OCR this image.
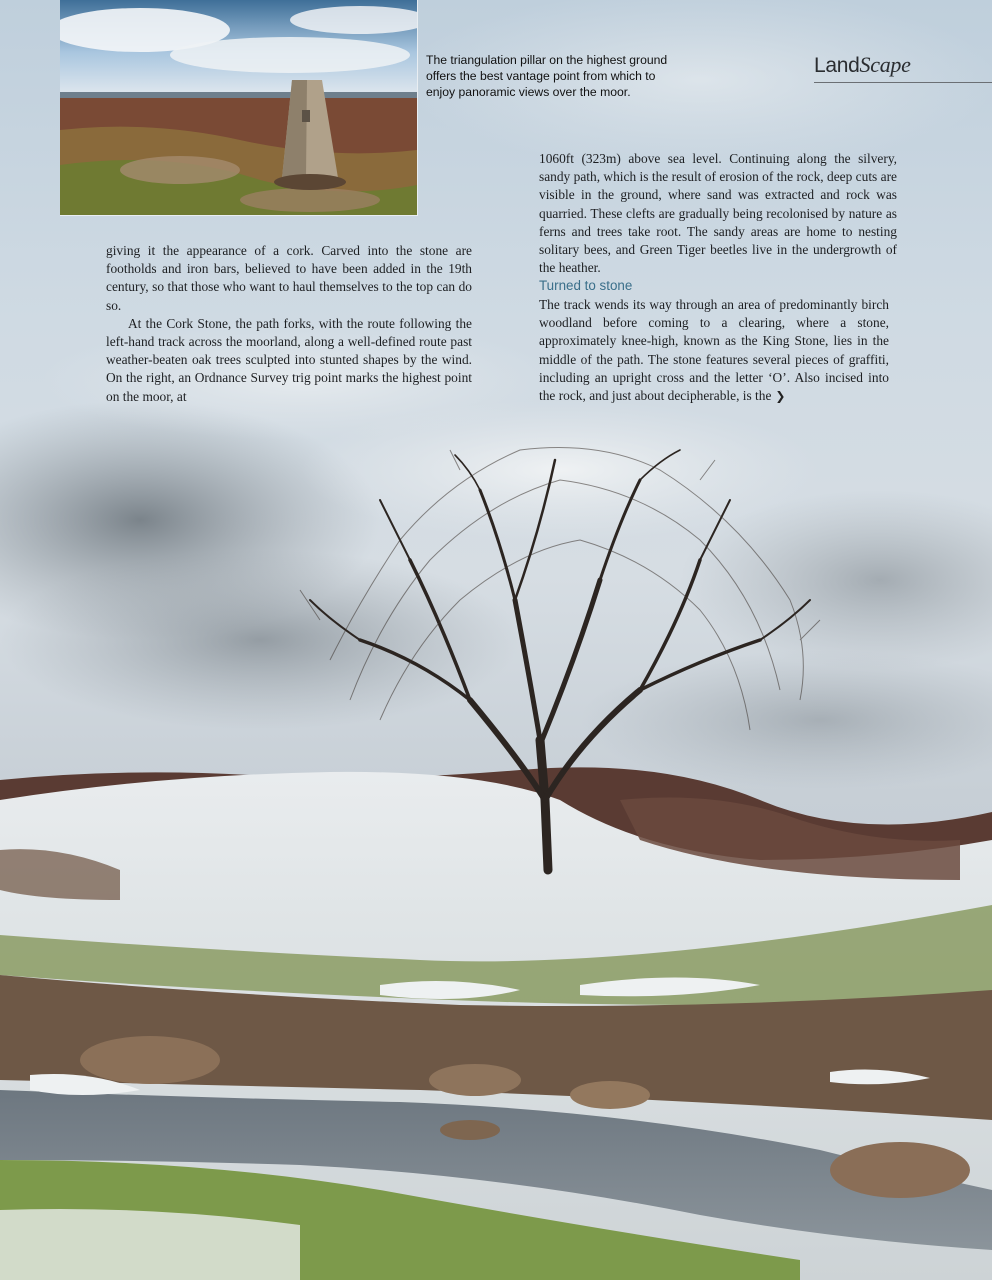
The triangulation pillar on the highest ground offers the best vantage point from which to enjoy panoramic views over the moor.
LandScape

giving it the appearance of a cork. Carved into the stone are footholds and iron bars, believed to have been added in the 19th century, so that those who want to haul themselves to the top can do so.

At the Cork Stone, the path forks, with the route following the left-hand track across the moorland, along a well-defined route past weather-beaten oak trees sculpted into stunted shapes by the wind. On the right, an Ordnance Survey trig point marks the highest point on the moor, at

1060ft (323m) above sea level. Continuing along the silvery, sandy path, which is the result of erosion of the rock, deep cuts are visible in the ground, where sand was extracted and rock was quarried. These clefts are gradually being recolonised by nature as ferns and trees take root. The sandy areas are home to nesting solitary bees, and Green Tiger beetles live in the undergrowth of the heather.

Turned to stone

The track wends its way through an area of predominantly birch woodland before coming to a clearing, where a stone, approximately knee-high, known as the King Stone, lies in the middle of the path. The stone features several pieces of graffiti, including an upright cross and the letter ‘O’. Also incised into the rock, and just about decipherable, is the ❯
